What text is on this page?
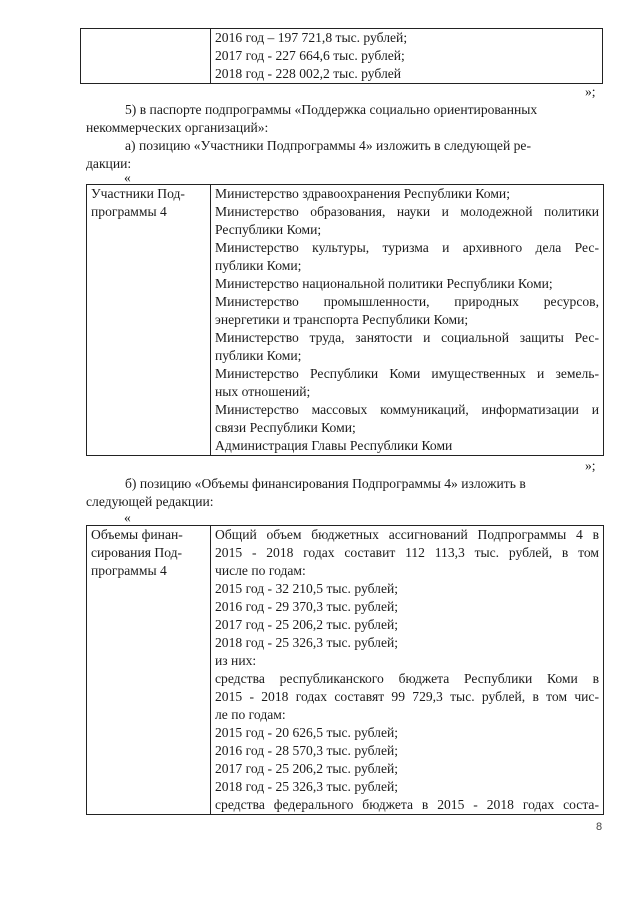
2016 год – 197 721,8 тыс. рублей;
2017 год - 227 664,6 тыс. рублей;
2018 год - 228 002,2 тыс. рублей
»;
5) в паспорте подпрограммы «Поддержка социально ориентированных
некоммерческих организаций»:
а) позицию «Участники Подпрограммы 4» изложить в следующей ре-
дакции:
«
Участники Под-
программы 4

Министерство здравоохранения Республики Коми;
Министерство образования, науки и молодежной политики
Республики Коми;
Министерство культуры, туризма и архивного дела Рес-
публики Коми;
Министерство национальной политики Республики Коми;
Министерство промышленности, природных ресурсов,
энергетики и транспорта Республики Коми;
Министерство труда, занятости и социальной защиты Рес-
публики Коми;
Министерство Республики Коми имущественных и земель-
ных отношений;
Министерство массовых коммуникаций, информатизации и
связи Республики Коми;
Администрация Главы Республики Коми
»;
б) позицию «Объемы финансирования Подпрограммы 4» изложить в
следующей редакции:
«
Объемы финан-
сирования Под-
программы 4

Общий объем бюджетных ассигнований Подпрограммы 4 в
2015 - 2018 годах составит 112 113,3 тыс. рублей, в том
числе по годам:
2015 год - 32 210,5 тыс. рублей;
2016 год - 29 370,3 тыс. рублей;
2017 год - 25 206,2 тыс. рублей;
2018 год - 25 326,3 тыс. рублей;
из них:
средства республиканского бюджета Республики Коми в
2015 - 2018 годах составят 99 729,3 тыс. рублей, в том чис-
ле по годам:
2015 год - 20 626,5 тыс. рублей;
2016 год - 28 570,3 тыс. рублей;
2017 год - 25 206,2 тыс. рублей;
2018 год - 25 326,3 тыс. рублей;
средства федерального бюджета в 2015 - 2018 годах соста-
8
